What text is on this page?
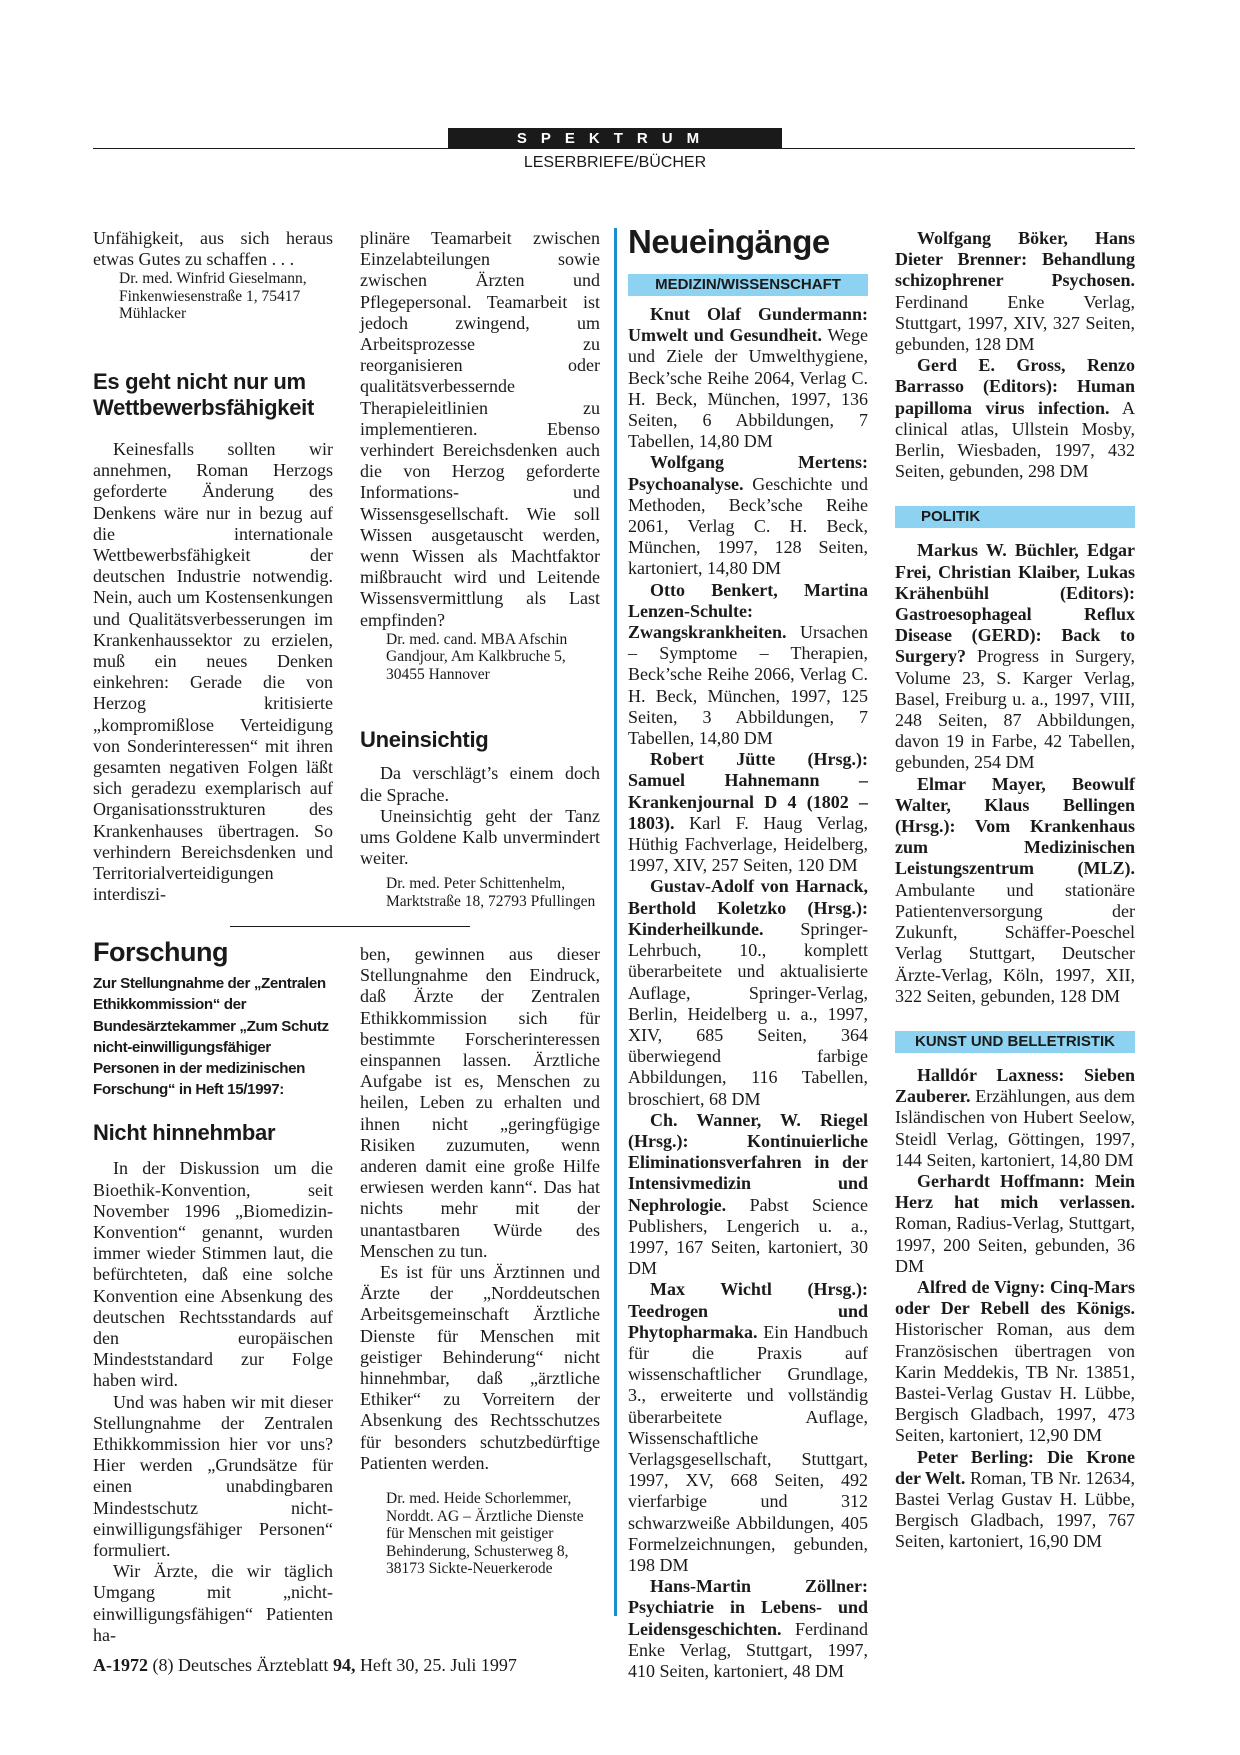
SPEKTRUM
LESERBRIEFE/BÜCHER

Unfähigkeit, aus sich heraus etwas Gutes zu schaffen . . .

Dr. med. Winfrid Gieselmann, Finkenwiesenstraße 1, 75417 Mühlacker

Es geht nicht nur um Wettbewerbsfähigkeit

Keinesfalls sollten wir annehmen, Roman Herzogs geforderte Änderung des Denkens wäre nur in bezug auf die internationale Wettbewerbsfähigkeit der deutschen Industrie notwendig. Nein, auch um Kostensenkungen und Qualitätsverbesserungen im Krankenhaussektor zu erzielen, muß ein neues Denken einkehren: Gerade die von Herzog kritisierte „kompromißlose Verteidigung von Sonderinteressen“ mit ihren gesamten negativen Folgen läßt sich geradezu exemplarisch auf Organisationsstrukturen des Krankenhauses übertragen. So verhindern Bereichsdenken und Territorialverteidigungen interdiszi-

plinäre Teamarbeit zwischen Einzelabteilungen sowie zwischen Ärzten und Pflegepersonal. Teamarbeit ist jedoch zwingend, um Arbeitsprozesse zu reorganisieren oder qualitätsverbessernde Therapieleitlinien zu implementieren. Ebenso verhindert Bereichsdenken auch die von Herzog geforderte Informations- und Wissensgesellschaft. Wie soll Wissen ausgetauscht werden, wenn Wissen als Machtfaktor mißbraucht wird und Leitende Wissensvermittlung als Last empfinden?

Dr. med. cand. MBA Afschin Gandjour, Am Kalkbruche 5, 30455 Hannover

Uneinsichtig

Da verschlägt’s einem doch die Sprache.

Uneinsichtig geht der Tanz ums Goldene Kalb unvermindert weiter.

Dr. med. Peter Schittenhelm, Marktstraße 18, 72793 Pfullingen

Forschung

Zur Stellungnahme der „Zentralen Ethikkommission“ der Bundesärztekammer „Zum Schutz nicht-einwilligungsfähiger Personen in der medizinischen Forschung“ in Heft 15/1997:

Nicht hinnehmbar

In der Diskussion um die Bioethik-Konvention, seit November 1996 „Biomedizin-Konvention“ genannt, wurden immer wieder Stimmen laut, die befürchteten, daß eine solche Konvention eine Absenkung des deutschen Rechtsstandards auf den europäischen Mindeststandard zur Folge haben wird.

Und was haben wir mit dieser Stellungnahme der Zentralen Ethikkommission hier vor uns? Hier werden „Grundsätze für einen unabdingbaren Mindestschutz nicht-einwilligungsfähiger Personen“ formuliert.

Wir Ärzte, die wir täglich Umgang mit „nicht-einwilligungsfähigen“ Patienten ha-

ben, gewinnen aus dieser Stellungnahme den Eindruck, daß Ärzte der Zentralen Ethikkommission sich für bestimmte Forscherinteressen einspannen lassen. Ärztliche Aufgabe ist es, Menschen zu heilen, Leben zu erhalten und ihnen nicht „geringfügige Risiken zuzumuten, wenn anderen damit eine große Hilfe erwiesen werden kann“. Das hat nichts mehr mit der unantastbaren Würde des Menschen zu tun.

Es ist für uns Ärztinnen und Ärzte der „Norddeutschen Arbeitsgemeinschaft Ärztliche Dienste für Menschen mit geistiger Behinderung“ nicht hinnehmbar, daß „ärztliche Ethiker“ zu Vorreitern der Absenkung des Rechtsschutzes für besonders schutzbedürftige Patienten werden.

Dr. med. Heide Schorlemmer, Norddt. AG – Ärztliche Dienste für Menschen mit geistiger Behinderung, Schusterweg 8, 38173 Sickte-Neuerkerode

Neueingänge

MEDIZIN/WISSENSCHAFT

Knut Olaf Gundermann: Umwelt und Gesundheit. Wege und Ziele der Umwelthygiene, Beck’sche Reihe 2064, Verlag C. H. Beck, München, 1997, 136 Seiten, 6 Abbildungen, 7 Tabellen, 14,80 DM

Wolfgang Mertens: Psychoanalyse. Geschichte und Methoden, Beck’sche Reihe 2061, Verlag C. H. Beck, München, 1997, 128 Seiten, kartoniert, 14,80 DM

Otto Benkert, Martina Lenzen-Schulte: Zwangskrankheiten. Ursachen – Symptome – Therapien, Beck’sche Reihe 2066, Verlag C. H. Beck, München, 1997, 125 Seiten, 3 Abbildungen, 7 Tabellen, 14,80 DM

Robert Jütte (Hrsg.): Samuel Hahnemann – Krankenjournal D 4 (1802 – 1803). Karl F. Haug Verlag, Hüthig Fachverlage, Heidelberg, 1997, XIV, 257 Seiten, 120 DM

Gustav-Adolf von Harnack, Berthold Koletzko (Hrsg.): Kinderheilkunde. Springer-Lehrbuch, 10., komplett überarbeitete und aktualisierte Auflage, Springer-Verlag, Berlin, Heidelberg u. a., 1997, XIV, 685 Seiten, 364 überwiegend farbige Abbildungen, 116 Tabellen, broschiert, 68 DM

Ch. Wanner, W. Riegel (Hrsg.): Kontinuierliche Eliminationsverfahren in der Intensivmedizin und Nephrologie. Pabst Science Publishers, Lengerich u. a., 1997, 167 Seiten, kartoniert, 30 DM

Max Wichtl (Hrsg.): Teedrogen und Phytopharmaka. Ein Handbuch für die Praxis auf wissenschaftlicher Grundlage, 3., erweiterte und vollständig überarbeitete Auflage, Wissenschaftliche Verlagsgesellschaft, Stuttgart, 1997, XV, 668 Seiten, 492 vierfarbige und 312 schwarzweiße Abbildungen, 405 Formelzeichnungen, gebunden, 198 DM

Hans-Martin Zöllner: Psychiatrie in Lebens- und Leidensgeschichten. Ferdinand Enke Verlag, Stuttgart, 1997, 410 Seiten, kartoniert, 48 DM

Wolfgang Böker, Hans Dieter Brenner: Behandlung schizophrener Psychosen. Ferdinand Enke Verlag, Stuttgart, 1997, XIV, 327 Seiten, gebunden, 128 DM

Gerd E. Gross, Renzo Barrasso (Editors): Human papilloma virus infection. A clinical atlas, Ullstein Mosby, Berlin, Wiesbaden, 1997, 432 Seiten, gebunden, 298 DM

POLITIK

Markus W. Büchler, Edgar Frei, Christian Klaiber, Lukas Krähenbühl (Editors): Gastroesophageal Reflux Disease (GERD): Back to Surgery? Progress in Surgery, Volume 23, S. Karger Verlag, Basel, Freiburg u. a., 1997, VIII, 248 Seiten, 87 Abbildungen, davon 19 in Farbe, 42 Tabellen, gebunden, 254 DM

Elmar Mayer, Beowulf Walter, Klaus Bellingen (Hrsg.): Vom Krankenhaus zum Medizinischen Leistungszentrum (MLZ). Ambulante und stationäre Patientenversorgung der Zukunft, Schäffer-Poeschel Verlag Stuttgart, Deutscher Ärzte-Verlag, Köln, 1997, XII, 322 Seiten, gebunden, 128 DM

KUNST UND BELLETRISTIK

Halldór Laxness: Sieben Zauberer. Erzählungen, aus dem Isländischen von Hubert Seelow, Steidl Verlag, Göttingen, 1997, 144 Seiten, kartoniert, 14,80 DM

Gerhardt Hoffmann: Mein Herz hat mich verlassen. Roman, Radius-Verlag, Stuttgart, 1997, 200 Seiten, gebunden, 36 DM

Alfred de Vigny: Cinq-Mars oder Der Rebell des Königs. Historischer Roman, aus dem Französischen übertragen von Karin Meddekis, TB Nr. 13851, Bastei-Verlag Gustav H. Lübbe, Bergisch Gladbach, 1997, 473 Seiten, kartoniert, 12,90 DM

Peter Berling: Die Krone der Welt. Roman, TB Nr. 12634, Bastei Verlag Gustav H. Lübbe, Bergisch Gladbach, 1997, 767 Seiten, kartoniert, 16,90 DM

A-1972 (8) Deutsches Ärzteblatt 94, Heft 30, 25. Juli 1997
